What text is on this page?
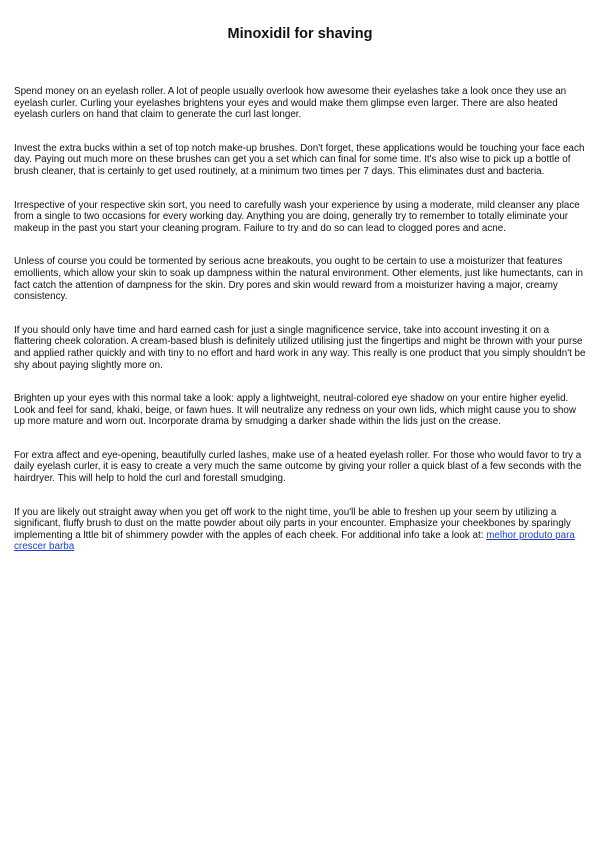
Minoxidil for shaving

Spend money on an eyelash roller. A lot of people usually overlook how awesome their eyelashes take a look once they use an eyelash curler. Curling your eyelashes brightens your eyes and would make them glimpse even larger. There are also heated eyelash curlers on hand that claim to generate the curl last longer.

Invest the extra bucks within a set of top notch make-up brushes. Don't forget, these applications would be touching your face each day. Paying out much more on these brushes can get you a set which can final for some time. It's also wise to pick up a bottle of brush cleaner, that is certainly to get used routinely, at a minimum two times per 7 days. This eliminates dust and bacteria.

Irrespective of your respective skin sort, you need to carefully wash your experience by using a moderate, mild cleanser any place from a single to two occasions for every working day. Anything you are doing, generally try to remember to totally eliminate your makeup in the past you start your cleaning program. Failure to try and do so can lead to clogged pores and acne.

Unless of course you could be tormented by serious acne breakouts, you ought to be certain to use a moisturizer that features emollients, which allow your skin to soak up dampness within the natural environment. Other elements, just like humectants, can in fact catch the attention of dampness for the skin. Dry pores and skin would reward from a moisturizer having a major, creamy consistency.

If you should only have time and hard earned cash for just a single magnificence service, take into account investing it on a flattering cheek coloration. A cream-based blush is definitely utilized utilising just the fingertips and might be thrown with your purse and applied rather quickly and with tiny to no effort and hard work in any way. This really is one product that you simply shouldn't be shy about paying slightly more on.

Brighten up your eyes with this normal take a look: apply a lightweight, neutral-colored eye shadow on your entire higher eyelid. Look and feel for sand, khaki, beige, or fawn hues. It will neutralize any redness on your own lids, which might cause you to show up more mature and worn out. Incorporate drama by smudging a darker shade within the lids just on the crease.

For extra affect and eye-opening, beautifully curled lashes, make use of a heated eyelash roller. For those who would favor to try a daily eyelash curler, it is easy to create a very much the same outcome by giving your roller a quick blast of a few seconds with the hairdryer. This will help to hold the curl and forestall smudging.

If you are likely out straight away when you get off work to the night time, you'll be able to freshen up your seem by utilizing a significant, fluffy brush to dust on the matte powder about oily parts in your encounter. Emphasize your cheekbones by sparingly implementing a lttle bit of shimmery powder with the apples of each cheek. For additional info take a look at: melhor produto para crescer barba
